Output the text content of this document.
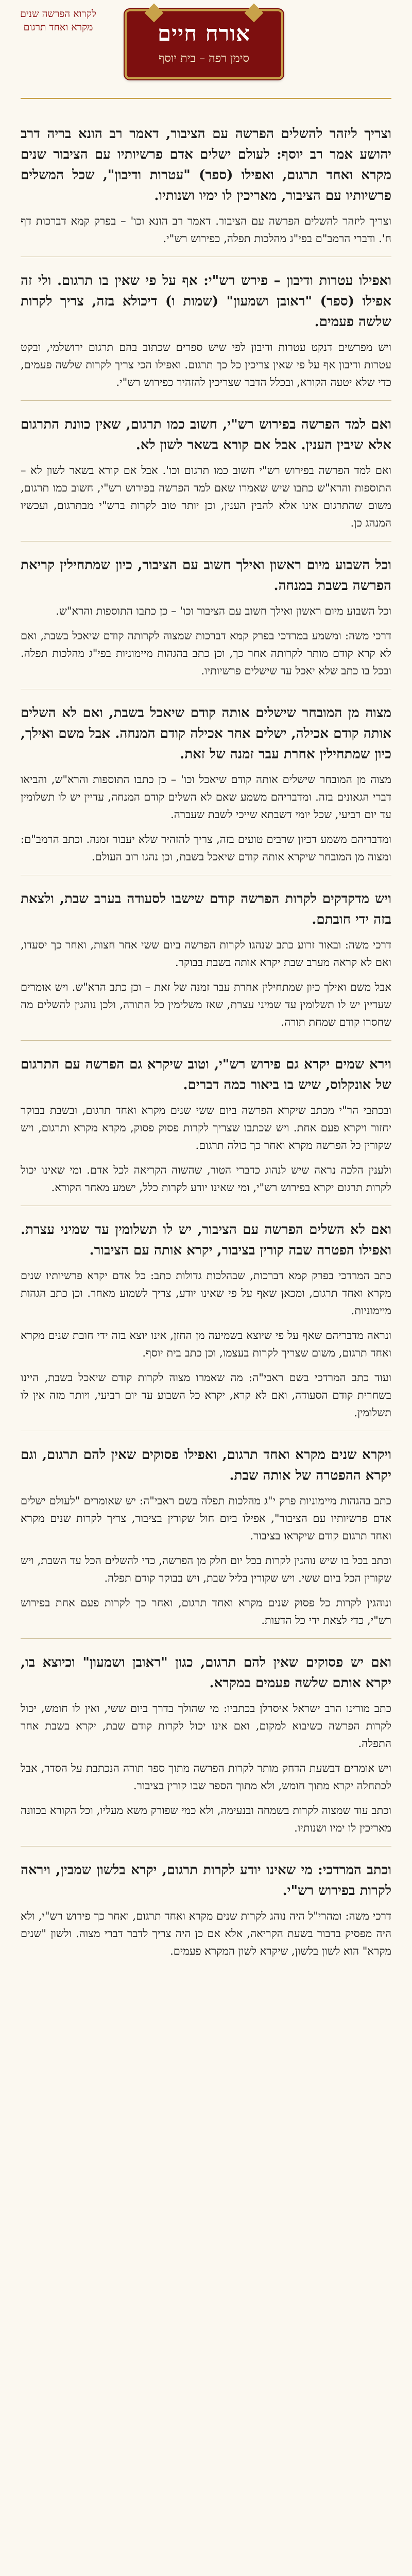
לקרוא הפרשה שנים מקרא ואחד תרגום	אורח חיים
סימן רפה – בית יוסף

וצריך ליזהר להשלים הפרשה עם הציבור, דאמר רב הונא בריה דרב יהושע אמר רב יוסף: לעולם ישלים אדם פרשיותיו עם הציבור שנים מקרא ואחד תרגום, ואפילו (ספר) "עטרות ודיבון", שכל המשלים פרשיותיו עם הציבור, מאריכין לו ימיו ושנותיו.

וצריך ליזהר להשלים הפרשה עם הציבור. דאמר רב הונא וכו' – בפרק קמא דברכות דף ח'. ודברי הרמב"ם בפי"ג מהלכות תפלה, כפירוש רש"י.

ואפילו עטרות ודיבון – פירש רש"י: אף על פי שאין בו תרגום. ולי זה אפילו (ספר) "ראובן ושמעון" (שמות ו) דיכולא בזה, צריך לקרות שלשה פעמים.

ויש מפרשים דנקט עטרות ודיבון לפי שיש ספרים שכתוב בהם תרגום ירושלמי, ובקט עטרות ודיבון אף על פי שאין צריכין כל כך תרגום. ואפילו הכי צריך לקרות שלשה פעמים, כדי שלא יטעה הקורא, ובכלל הדבר שצריכין להזהיר כפירוש רש"י.

ואם למד הפרשה בפירוש רש"י, חשוב כמו תרגום, שאין כוונת התרגום אלא שיבין הענין. אבל אם קורא בשאר לשון לא.

ואם למד הפרשה בפירוש רש"י חשוב כמו תרגום וכו'. אבל אם קורא בשאר לשון לא – התוספות והרא"ש כתבו שיש שאמרו שאם למד הפרשה בפירוש רש"י, חשוב כמו תרגום, משום שהתרגום אינו אלא להבין הענין, וכן יותר טוב לקרות ברש"י מבתרגום, ועכשיו המנהג כן.

וכל השבוע מיום ראשון ואילך חשוב עם הציבור, כיון שמתחילין קריאת הפרשה בשבת במנחה.

וכל השבוע מיום ראשון ואילך חשוב עם הציבור וכו' – כן כתבו התוספות והרא"ש.

דרכי משה: ומשמע במרדכי בפרק קמא דברכות שמצוה לקרותה קודם שיאכל בשבת, ואם לא קרא קודם מותר לקרותה אחר כך, וכן כתב בהגהות מיימוניות בפי"ג מהלכות תפלה. ובכל בו כתב שלא יאכל עד שישלים פרשיותיו.

מצוה מן המובחר שישלים אותה קודם שיאכל בשבת, ואם לא השלים אותה קודם אכילה, ישלים אחר אכילה קודם המנחה. אבל משם ואילך, כיון שמתחילין אחרת עבר זמנה של זאת.

מצוה מן המובחר שישלים אותה קודם שיאכל וכו' – כן כתבו התוספות והרא"ש, והביאו דברי הגאונים בזה. ומדבריהם משמע שאם לא השלים קודם המנחה, עדיין יש לו תשלומין עד יום רביעי, שכל יומי דשבתא שייכי לשבת שעברה.

ומדבריהם משמע דכיון שרבים טועים בזה, צריך להזהיר שלא יעבור זמנה. וכתב הרמב"ם: ומצוה מן המובחר שיקרא אותה קודם שיאכל בשבת, וכן נהגו רוב העולם.

ויש מדקדקים לקרות הפרשה קודם שישבו לסעודה בערב שבת, ולצאת בזה ידי חובתם.

דרכי משה: ובאור זרוע כתב שנהגו לקרות הפרשה ביום ששי אחר חצות, ואחר כך יסעדו, ואם לא קראה מערב שבת יקרא אותה בשבת בבוקר.

אבל משם ואילך כיון שמתחילין אחרת עבר זמנה של זאת – וכן כתב הרא"ש. ויש אומרים שעדיין יש לו תשלומין עד שמיני עצרת, שאז משלימין כל התורה, ולכן נוהגין להשלים מה שחסרו קודם שמחת תורה.

וירא שמים יקרא גם פירוש רש"י, וטוב שיקרא גם הפרשה עם התרגום של אונקלוס, שיש בו ביאור כמה דברים.

ובכתבי הר"י מכתב שיקרא הפרשה ביום ששי שנים מקרא ואחד תרגום, ובשבת בבוקר יחזור ויקרא פעם אחת. ויש שכתבו שצריך לקרות פסוק פסוק, מקרא מקרא ותרגום, ויש שקורין כל הפרשה מקרא ואחר כך כולה תרגום.

ולענין הלכה נראה שיש לנהוג כדברי הטור, שהשוה הקריאה לכל אדם. ומי שאינו יכול לקרות תרגום יקרא בפירוש רש"י, ומי שאינו יודע לקרות כלל, ישמע מאחר הקורא.

ואם לא השלים הפרשה עם הציבור, יש לו תשלומין עד שמיני עצרת. ואפילו הפטרה שבה קורין בציבור, יקרא אותה עם הציבור.

כתב המרדכי בפרק קמא דברכות, שבהלכות גדולות כתב: כל אדם יקרא פרשיותיו שנים מקרא ואחד תרגום, ומכאן שאף על פי שאינו יודע, צריך לשמוע מאחר. וכן כתב הגהות מיימוניות.

ונראה מדבריהם שאף על פי שיוצא בשמיעה מן החזן, אינו יוצא בזה ידי חובת שנים מקרא ואחד תרגום, משום שצריך לקרות בעצמו, וכן כתב בית יוסף.

ועוד כתב המרדכי בשם ראבי"ה: מה שאמרו מצוה לקרות קודם שיאכל בשבת, היינו בשחרית קודם הסעודה, ואם לא קרא, יקרא כל השבוע עד יום רביעי, ויותר מזה אין לו תשלומין.

ויקרא שנים מקרא ואחד תרגום, ואפילו פסוקים שאין להם תרגום, וגם יקרא ההפטרה של אותה שבת.

כתב בהגהות מיימוניות פרק י"ג מהלכות תפלה בשם ראבי"ה: יש שאומרים "לעולם ישלים אדם פרשיותיו עם הציבור", אפילו ביום חול שקורין בציבור, צריך לקרות שנים מקרא ואחד תרגום קודם שיקראו בציבור.

וכתב בכל בו שיש נוהגין לקרות בכל יום חלק מן הפרשה, כדי להשלים הכל עד השבת, ויש שקורין הכל ביום ששי. ויש שקורין בליל שבת, ויש בבוקר קודם תפלה.

ונוהגין לקרות כל פסוק שנים מקרא ואחד תרגום, ואחר כך לקרות פעם אחת בפירוש רש"י, כדי לצאת ידי כל הדעות.

ואם יש פסוקים שאין להם תרגום, כגון "ראובן ושמעון" וכיוצא בו, יקרא אותם שלשה פעמים במקרא.

כתב מורינו הרב ישראל איסרלן בכתביו: מי שהולך בדרך ביום ששי, ואין לו חומש, יכול לקרות הפרשה כשיבוא למקום, ואם אינו יכול לקרות קודם שבת, יקרא בשבת אחר התפלה.

ויש אומרים דבשעת הדחק מותר לקרות הפרשה מתוך ספר תורה הנכתבת על הסדר, אבל לכתחלה יקרא מתוך חומש, ולא מתוך הספר שבו קורין בציבור.

וכתב עוד שמצוה לקרות בשמחה ובנעימה, ולא כמי שפורק משא מעליו, וכל הקורא בכוונה מאריכין לו ימיו ושנותיו.

וכתב המרדכי: מי שאינו יודע לקרות תרגום, יקרא בלשון שמבין, ויראה לקרות בפירוש רש"י.

דרכי משה: ומהרי"ל היה נוהג לקרות שנים מקרא ואחד תרגום, ואחר כך פירוש רש"י, ולא היה מפסיק בדבור בשעת הקריאה, אלא אם כן היה צריך לדבר דברי מצוה. ולשון "שנים מקרא" הוא לשון בלשון, שיקרא לשון המקרא פעמים.
